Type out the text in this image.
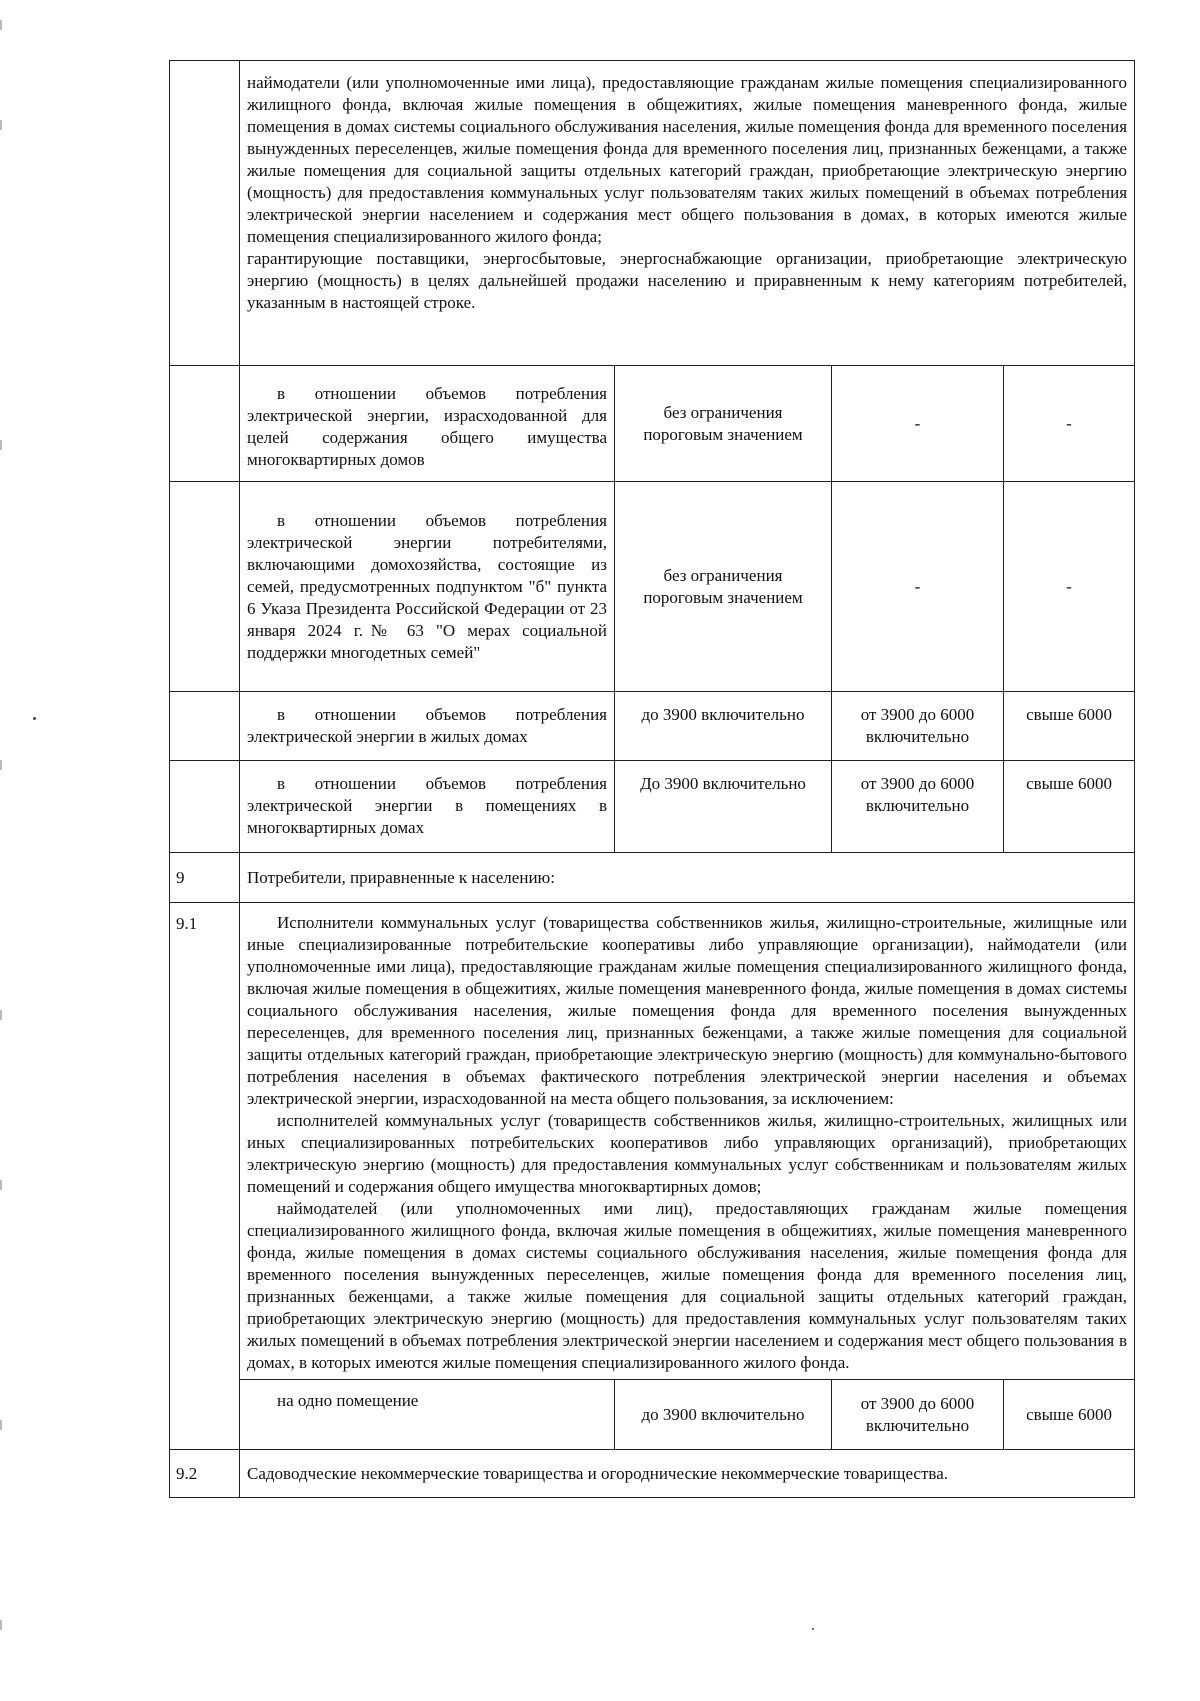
	наймодатели (или уполномоченные ими лица), предоставляющие гражданам жилые помещения специализированного жилищного фонда, включая жилые помещения в общежитиях, жилые помещения маневренного фонда, жилые помещения в домах системы социального обслуживания населения, жилые помещения фонда для временного поселения вынужденных переселенцев, жилые помещения фонда для временного поселения лиц, признанных беженцами, а также жилые помещения для социальной защиты отдельных категорий граждан, приобретающие электрическую энергию (мощность) для предоставления коммунальных услуг пользователям таких жилых помещений в объемах потребления электрической энергии населением и содержания мест общего пользования в домах, в которых имеются жилые помещения специализированного жилого фонда;

гарантирующие поставщики, энергосбытовые, энергоснабжающие организации, приобретающие электрическую энергию (мощность) в целях дальнейшей продажи населению и приравненным к нему категориям потребителей, указанным в настоящей строке.			

	в отношении объемов потребления электрической энергии, израсходованной для целей содержания общего имущества многоквартирных домов	без ограничения пороговым значением	-	-
	в отношении объемов потребления электрической энергии потребителями, включающими домохозяйства, состоящие из семей, предусмотренных подпунктом "б" пункта 6 Указа Президента Российской Федерации от 23 января 2024 г.№ 63 "О мерах социальной поддержки многодетных семей"	без ограничения пороговым значением	-	-
	в отношении объемов потребления электрической энергии в жилых домах	до 3900 включительно	от 3900 до 6000 включительно	свыше 6000
	в отношении объемов потребления электрической энергии в помещениях в многоквартирных домах	До 3900 включительно	от 3900 до 6000 включительно	свыше 6000
9	Потребители, приравненные к населению:			
9.1	Исполнители коммунальных услуг (товарищества собственников жилья, жилищно-строительные, жилищные или иные специализированные потребительские кооперативы либо управляющие организации), наймодатели (или уполномоченные ими лица), предоставляющие гражданам жилые помещения специализированного жилищного фонда, включая жилые помещения в общежитиях, жилые помещения маневренного фонда, жилые помещения в домах системы социального обслуживания населения, жилые помещения фонда для временного поселения вынужденных переселенцев, для временного поселения лиц, признанных беженцами, а также жилые помещения для социальной защиты отдельных категорий граждан, приобретающие электрическую энергию (мощность) для коммунально-бытового потребления населения в объемах фактического потребления электрической энергии населения и объемах электрической энергии, израсходованной на места общего пользования, за исключением:

исполнителей коммунальных услуг (товариществ собственников жилья, жилищно-строительных, жилищных или иных специализированных потребительских кооперативов либо управляющих организаций), приобретающих электрическую энергию (мощность) для предоставления коммунальных услуг собственникам и пользователям жилых помещений и содержания общего имущества многоквартирных домов;

наймодателей (или уполномоченных ими лиц), предоставляющих гражданам жилые помещения специализированного жилищного фонда, включая жилые помещения в общежитиях, жилые помещения маневренного фонда, жилые помещения в домах системы социального обслуживания населения, жилые помещения фонда для временного поселения вынужденных переселенцев, жилые помещения фонда для временного поселения лиц, признанных беженцами, а также жилые помещения для социальной защиты отдельных категорий граждан, приобретающих электрическую энергию (мощность) для предоставления коммунальных услуг пользователям таких жилых помещений в объемах потребления электрической энергии населением и содержания мест общего пользования в домах, в которых имеются жилые помещения специализированного жилого фонда.			

	на одно помещение	до 3900 включительно	от 3900 до 6000 включительно	свыше 6000
9.2	Садоводческие некоммерческие товарищества и огороднические некоммерческие товарищества.			
